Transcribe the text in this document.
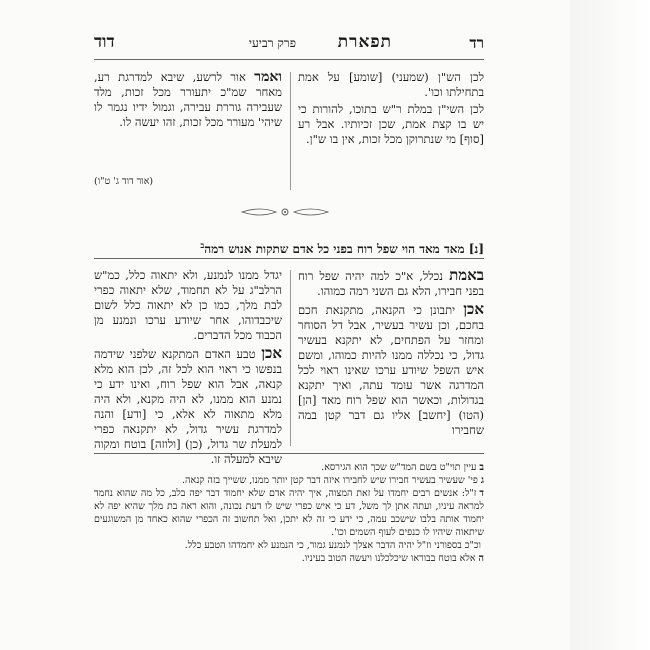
רד
תפארת
פרק רביעי
דוד

לכן הש"ן (שמעני) [שומע] על אמת בתחילתו וכו'.

לכן השי"ן במלת ר"ש בתוכו, להורות כי יש בו קצת אמת, שכן זכיותיו. אבל רע [סוף] מי שנתרוקן מכל זכות, אין בו ש"ן.

ואמר אור לרשע, שיבא למדרגת רע, מאחר שמ"כ יתעורר מכל זכות, מלד שעבירה גוררת עבירה, וגמול ידיו נגמר לו שיהי' מעורר מכל זכות, זהו יעשה לו.

(אור דוד ג' ט"ו)
[נ] מאד מאד הוי שפל רוח בפני כל אדם שתקות אנוש רמה$^ב$

באמת נכלל, א"כ למה יהיה שפל רוח בפני חבירו, הלא גם השני רמה כמוהו.

אכן יתבונן כי הקנאה, מתקנאת חכם בחכם, וכן עשיר בעשיר, אבל דל הסוחר ומחזר על הפתחים, לא יתקנא בעשיר גדול, כי נכללה ממנו להיות כמוהו, ומשם איש השפל שיודע ערכו שאינו ראוי לכל המדרגה אשר עומד עתה, ואיך יתקנא בגדולות, וכאשר הוא שפל רוח מאד [הן] (הטו) [יחשב] אליו גם דבר קטן במה שחבירו

יגדל ממנו לנמנע, ולא יתאוה כלל, כמ"ש הרלב"ג על לא תחמוד, שלא יתאוה כפרי לבת מלך, כמו כן לא יתאוה כלל לשום שיכבדוהו, אחר שיודע ערכו ונמנע מן הכבוד מכל הדברים.

אכן טבע האדם המתקנא שלפני שידמה בנפשו כי ראוי הוא לכל זה, לכן הוא מלא קנאה, אבל הוא שפל רוח, ואינו ידע כי נמנע הוא ממנו, לא היה מקנא, ולא היה מלא מתאוה לא אלא, כי [ודע] והנה למדרגת עשיר גדול, לא יתקנאה כפרי למעלת שר גדול, (כן) [ולוזה] בוטח ומקוה שיבא למעלה זו.

בעיין תוי"ט בשם המד"ש שכך הוא הגירסא.

גפי' שעשיר בעשיר חבירו שיש לחבירו איזה דבר קטן יותר ממנו, ששייך בזה קנאה.

דז"ל: אנשים רבים יחמדו על זאת המצוה, איך יהיה אדם שלא יחמוד דבר יפה בלב, כל מה שהוא נחמד למראה עיניו, ועתה אתן לך משל, דע כי איש כפרי שיש לו דעת נכונה, והוא ראה בת מלך שהיא יפה לא יחמוד אותה בלבו שישכב עמה, כי ידע כי זה לא יתכן, ואל תחשוב זה הכפרי שהוא כאחד מן המשוגעים שיתאוה שיהיו לו כנפים לעוף השמים וכו'.

וכ"כ בספורני וז"ל יהיה הדבר אצלך לנמנע גמור, כי הנמנע לא יחמדהו הטבע כלל.

האלא בוטח בבוראו שיכלכלנו ויעשה הטוב בעיניו.
